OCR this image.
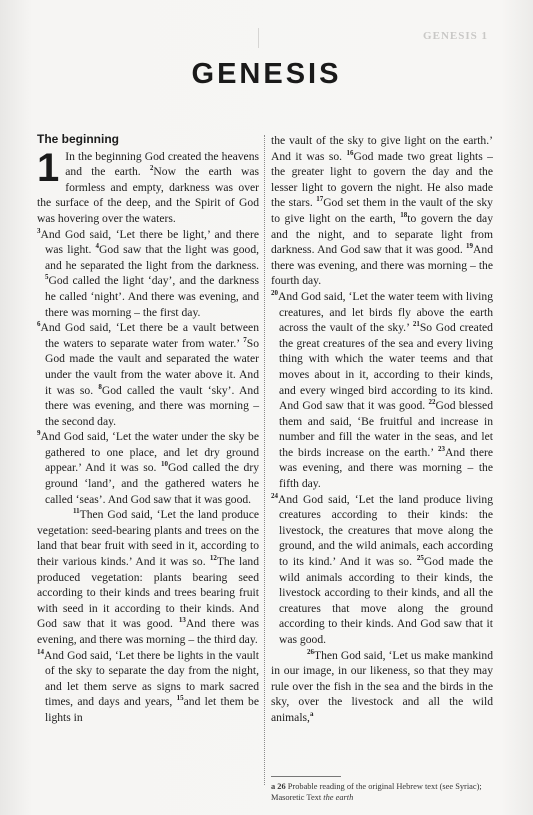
GENESIS 1
GENESIS
The beginning

1 In the beginning God created the heavens and the earth. $^2$Now the earth was formless and empty, darkness was over the surface of the deep, and the Spirit of God was hovering over the waters.

$^3$And God said, ‘Let there be light,’ and there was light. $^4$God saw that the light was good, and he separated the light from the darkness. $^5$God called the light ‘day’, and the darkness he called ‘night’. And there was evening, and there was morning – the first day.

$^6$And God said, ‘Let there be a vault between the waters to separate water from water.’ $^7$So God made the vault and separated the water under the vault from the water above it. And it was so. $^8$God called the vault ‘sky’. And there was evening, and there was morning – the second day.

$^9$And God said, ‘Let the water under the sky be gathered to one place, and let dry ground appear.’ And it was so. $^{10}$God called the dry ground ‘land’, and the gathered waters he called ‘seas’. And God saw that it was good.

$^{11}$Then God said, ‘Let the land produce vegetation: seed-bearing plants and trees on the land that bear fruit with seed in it, according to their various kinds.’ And it was so. $^{12}$The land produced vegetation: plants bearing seed according to their kinds and trees bearing fruit with seed in it according to their kinds. And God saw that it was good. $^{13}$And there was evening, and there was morning – the third day.

$^{14}$And God said, ‘Let there be lights in the vault of the sky to separate the day from the night, and let them serve as signs to mark sacred times, and days and years, $^{15}$and let them be lights in

the vault of the sky to give light on the earth.’ And it was so. $^{16}$God made two great lights – the greater light to govern the day and the lesser light to govern the night. He also made the stars. $^{17}$God set them in the vault of the sky to give light on the earth, $^{18}$to govern the day and the night, and to separate light from darkness. And God saw that it was good. $^{19}$And there was evening, and there was morning – the fourth day.

$^{20}$And God said, ‘Let the water teem with living creatures, and let birds fly above the earth across the vault of the sky.’ $^{21}$So God created the great creatures of the sea and every living thing with which the water teems and that moves about in it, according to their kinds, and every winged bird according to its kind. And God saw that it was good. $^{22}$God blessed them and said, ‘Be fruitful and increase in number and fill the water in the seas, and let the birds increase on the earth.’ $^{23}$And there was evening, and there was morning – the fifth day.

$^{24}$And God said, ‘Let the land produce living creatures according to their kinds: the livestock, the creatures that move along the ground, and the wild animals, each according to its kind.’ And it was so. $^{25}$God made the wild animals according to their kinds, the livestock according to their kinds, and all the creatures that move along the ground according to their kinds. And God saw that it was good.

$^{26}$Then God said, ‘Let us make mankind in our image, in our likeness, so that they may rule over the fish in the sea and the birds in the sky, over the livestock and all the wild animals,$^a$

a 26 Probable reading of the original Hebrew text (see Syriac); Masoretic Text the earth
